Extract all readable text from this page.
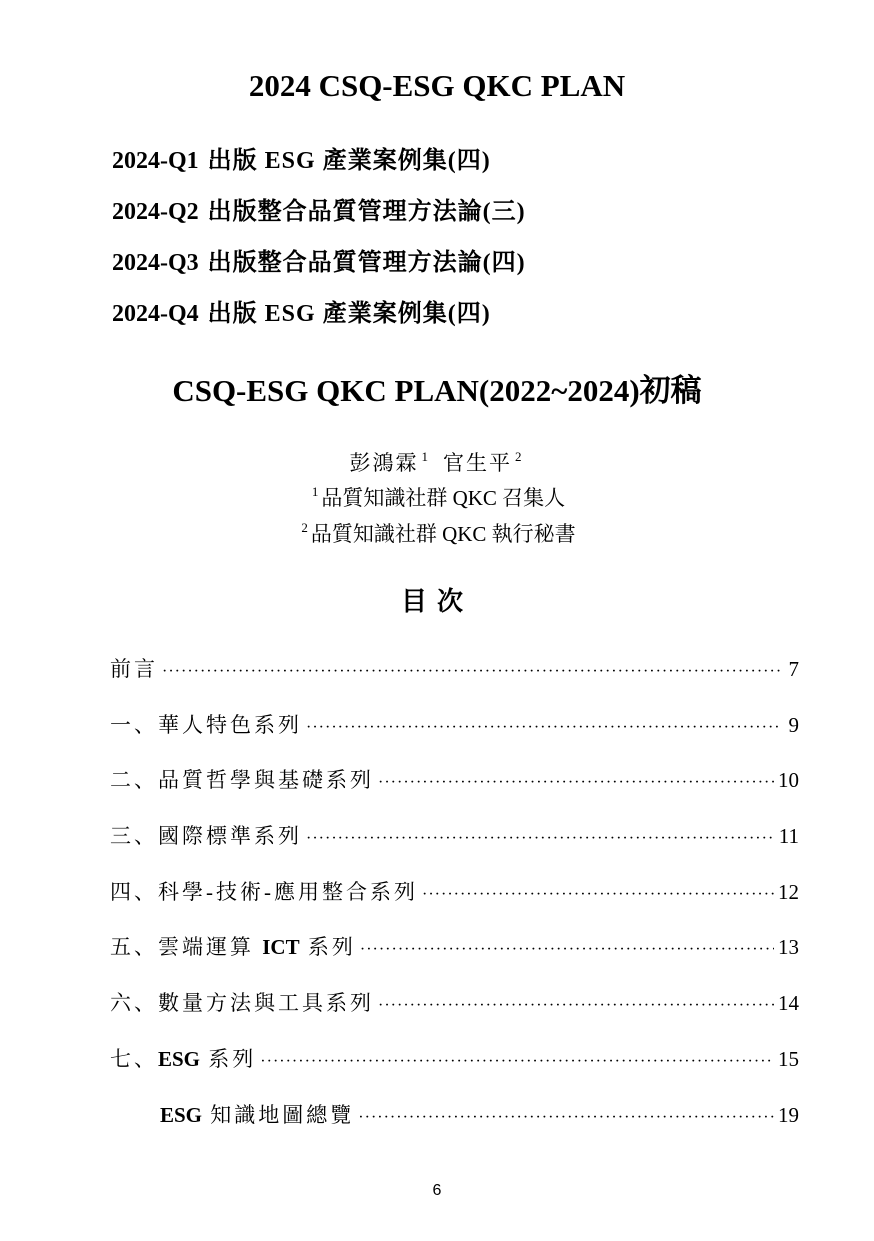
2024 CSQ-ESG QKC PLAN
2024-Q1 出版 ESG 產業案例集(四)
2024-Q2 出版整合品質管理方法論(三)
2024-Q3 出版整合品質管理方法論(四)
2024-Q4 出版 ESG 產業案例集(四)
CSQ-ESG QKC PLAN(2022~2024)初稿
彭鴻霖 $^1$ 官生平 $^2$
$^1$ 品質知識社群 QKC 召集人
$^2$ 品質知識社群 QKC 執行秘書
目次
前言 ·····	7
一、華人特色系列 ·····	9
二、品質哲學與基礎系列 ·····	10
三、國際標準系列 ·····	11
四、科學-技術-應用整合系列 ·····	12
五、雲端運算 ICT 系列 ·····	13
六、數量方法與工具系列 ·····	14
七、ESG 系列 ·····	15
ESG 知識地圖總覽 ·····	19
6
